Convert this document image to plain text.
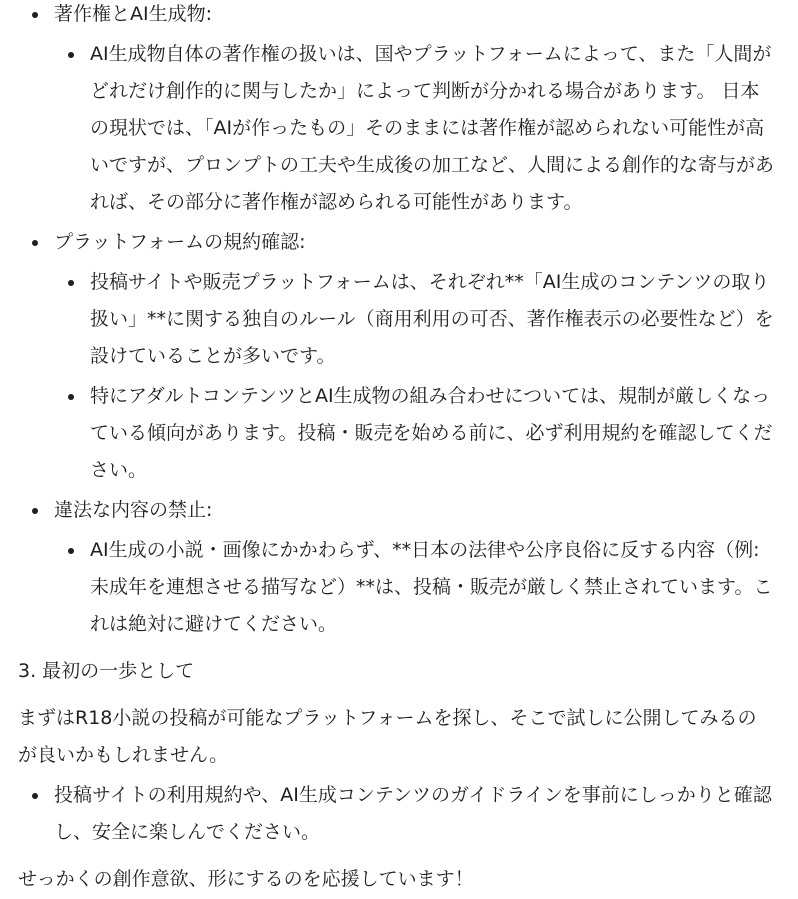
著作権とAI生成物:
AI生成物自体の著作権の扱いは、国やプラットフォームによって、また「人間がどれだけ創作的に関与したか」によって判断が分かれる場合があります。 日本の現状では、「AIが作ったもの」そのままには著作権が認められない可能性が高いですが、プロンプトの工夫や生成後の加工など、人間による創作的な寄与があれば、その部分に著作権が認められる可能性があります。
プラットフォームの規約確認:
投稿サイトや販売プラットフォームは、それぞれ**「AI生成のコンテンツの取り扱い」**に関する独自のルール（商用利用の可否、著作権表示の必要性など）を設けていることが多いです。
特にアダルトコンテンツとAI生成物の組み合わせについては、規制が厳しくなっている傾向があります。投稿・販売を始める前に、必ず利用規約を確認してください。
違法な内容の禁止:
AI生成の小説・画像にかかわらず、**日本の法律や公序良俗に反する内容（例: 未成年を連想させる描写など）**は、投稿・販売が厳しく禁止されています。これは絶対に避けてください。
3. 最初の一歩として

まずはR18小説の投稿が可能なプラットフォームを探し、そこで試しに公開してみるのが良いかもしれません。

投稿サイトの利用規約や、AI生成コンテンツのガイドラインを事前にしっかりと確認し、安全に楽しんでください。

せっかくの創作意欲、形にするのを応援しています！
